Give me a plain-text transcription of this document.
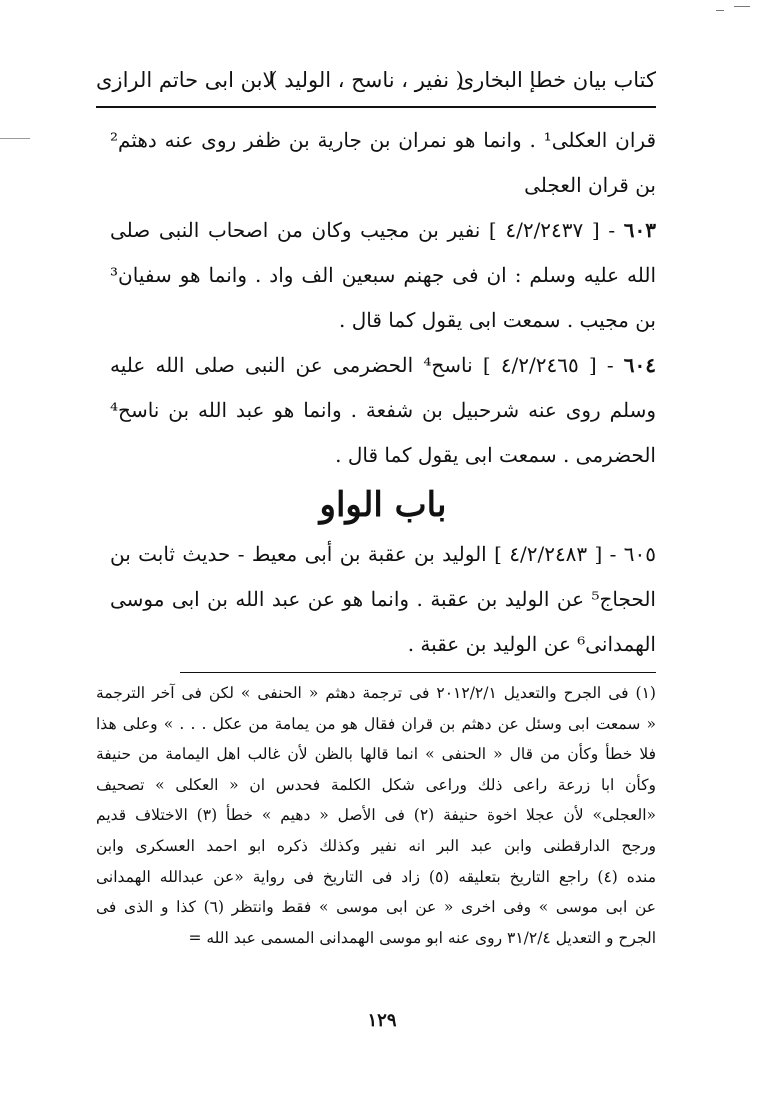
كتاب بيان خطإ البخارى
( نفير ، ناسح ، الوليد )
لابن ابى حاتم الرازى

قران العكلى¹ . وانما هو نمران بن جارية بن ظفر روى عنه دهثم² بن قران العجلى

٦٠٣ - [ ٤/٢/٢٤٣٧ ] نفير بن مجيب وكان من اصحاب النبى صلى الله عليه وسلم : ان فى جهنم سبعين الف واد . وانما هو سفيان³ بن مجيب . سمعت ابى يقول كما قال .

٦٠٤ - [ ٤/٢/٢٤٦٥ ] ناسح⁴ الحضرمى عن النبى صلى الله عليه وسلم روى عنه شرحبيل بن شفعة . وانما هو عبد الله بن ناسح⁴ الحضرمى . سمعت ابى يقول كما قال .

باب الواو

٦٠٥ - [ ٤/٢/٢٤٨٣ ] الوليد بن عقبة بن أبى معيط - حديث ثابت بن الحجاج⁵ عن الوليد بن عقبة . وانما هو عن عبد الله بن ابى موسى الهمدانى⁶ عن الوليد بن عقبة .

(١) فى الجرح والتعديل ٢٠١٢/٢/١ فى ترجمة دهثم « الحنفى » لكن فى آخر الترجمة

« سمعت ابى وسئل عن دهثم بن قران فقال هو من يمامة من عكل . . . » وعلى هذا

فلا خطأ وكأن من قال « الحنفى » انما قالها بالظن لأن غالب اهل اليمامة من حنيفة

وكأن ابا زرعة راعى ذلك وراعى شكل الكلمة فحدس ان « العكلى » تصحيف

«العجلى» لأن عجلا اخوة حنيفة (٢) فى الأصل « دهيم » خطأ (٣) الاختلاف قديم

ورجح الدارقطنى وابن عبد البر انه نفير وكذلك ذكره ابو احمد العسكرى وابن

منده (٤) راجع التاريخ بتعليقه (٥) زاد فى التاريخ فى رواية «عن عبدالله الهمدانى

عن ابى موسى » وفى اخرى « عن ابى موسى » فقط وانتظر (٦) كذا و الذى فى

الجرح و التعديل ٣١/٢/٤ روى عنه ابو موسى الهمدانى المسمى عبد الله =

١٢٩
